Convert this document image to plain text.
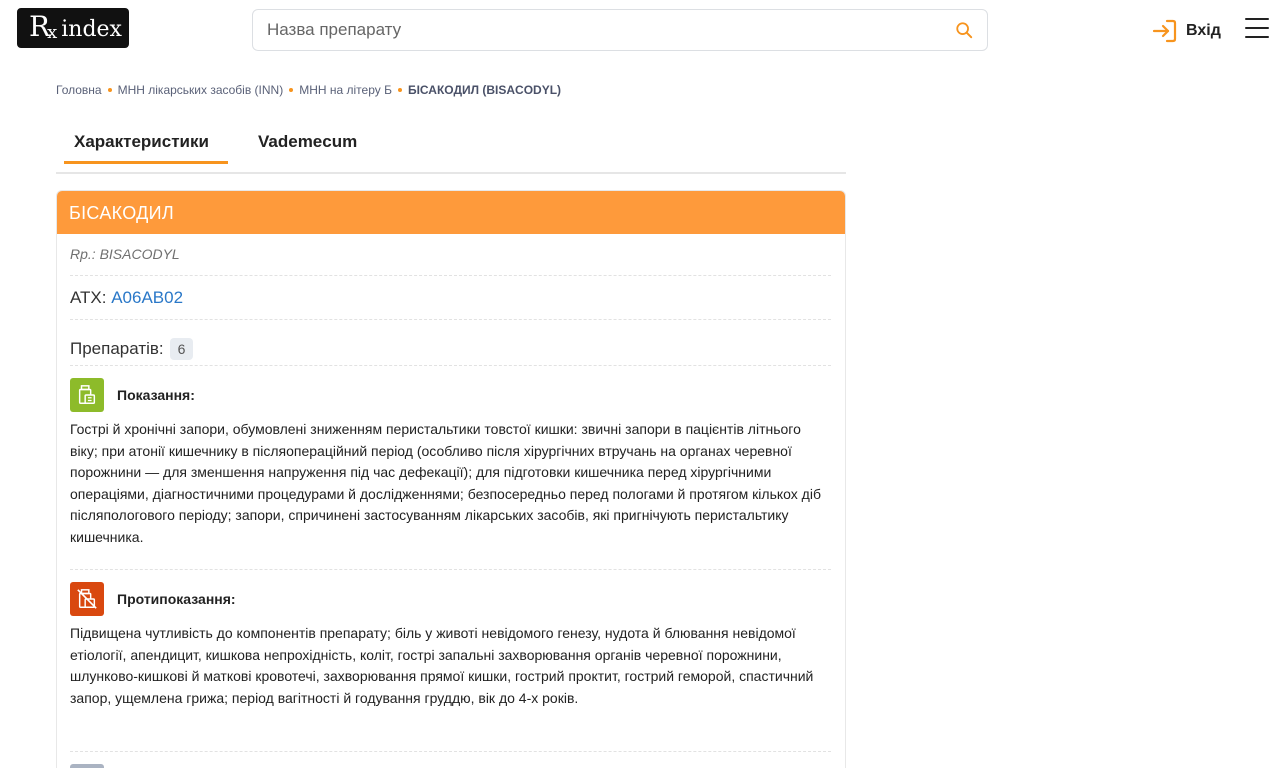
R
x index
Назва препарату	Вхід
Головна МНН лікарських засобів (INN) МНН на літеру Б БІСАКОДИЛ (BISACODYL)
Характеристики	Vademecum
БІСАКОДИЛ
Rp.: BISACODYL
АТХ: A06AB02
Препаратів:	6
Показання:
Гострі й хронічні запори, обумовлені зниженням перистальтики товстої кишки: звичні запори в пацієнтів літнього віку; при атонії кишечнику в післяопераційний період (особливо після хірургічних втручань на органах черевної порожнини — для зменшення напруження під час дефекації); для підготовки кишечника перед хірургічними операціями, діагностичними процедурами й дослідженнями; безпосередньо перед пологами й протягом кількох діб післяпологового періоду; запори, спричинені застосуванням лікарських засобів, які пригнічують перистальтику кишечника.
Протипоказання:
Підвищена чутливість до компонентів препарату; біль у животі невідомого генезу, нудота й блювання невідомої етіології, апендицит, кишкова непрохідність, коліт, гострі запальні захворювання органів черевної порожнини, шлунково-кишкові й маткові кровотечі, захворювання прямої кишки, гострий проктит, гострий геморой, спастичний запор, ущемлена грижа; період вагітності й годування груддю, вік до 4-х років.
